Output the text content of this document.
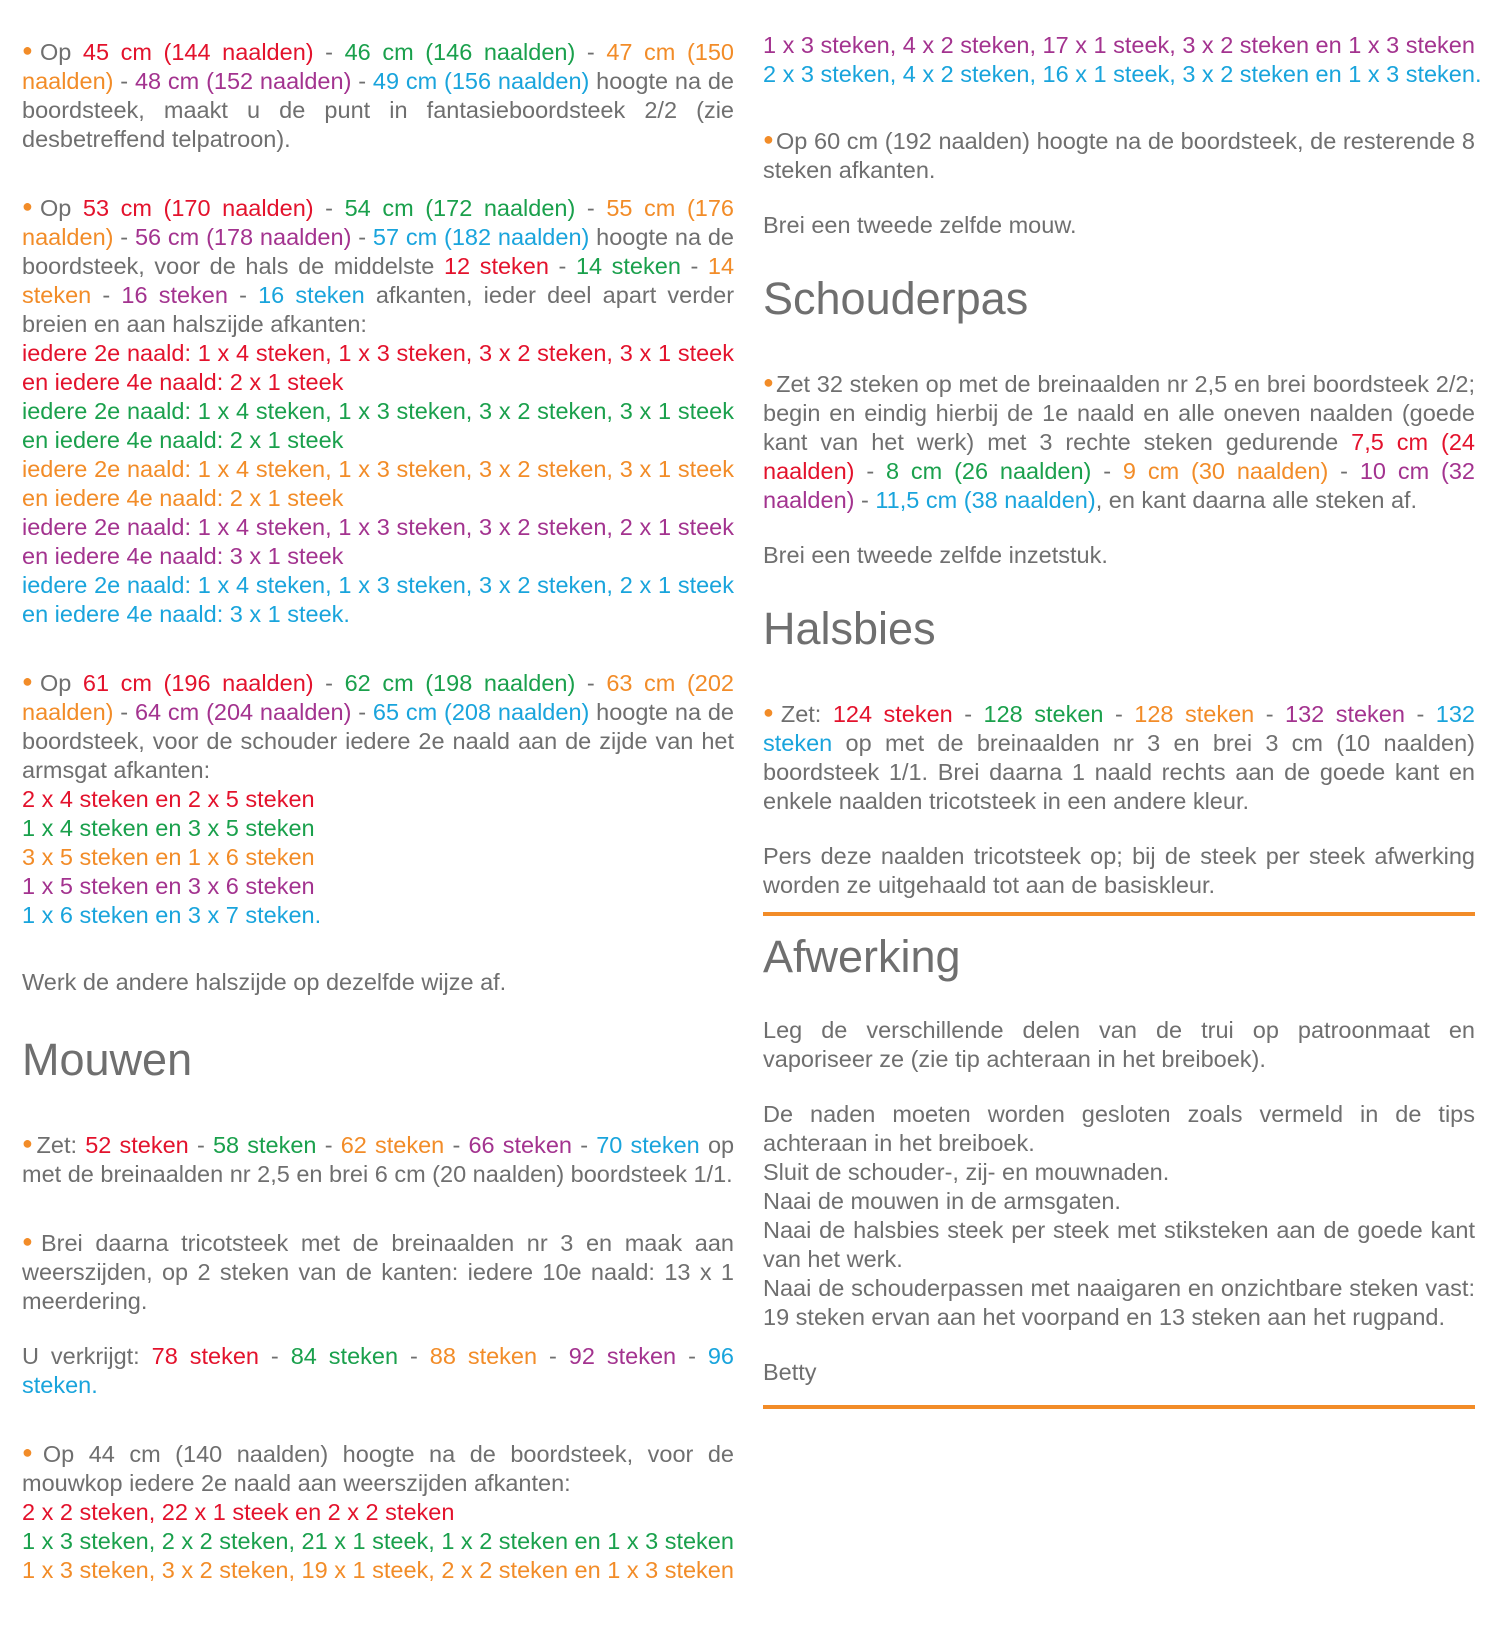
●Op 45 cm (144 naalden) - 46 cm (146 naalden) - 47 cm (150 naalden) - 48 cm (152 naalden) - 49 cm (156 naalden) hoogte na de boordsteek, maakt u de punt in fantasieboordsteek 2/2 (zie desbetreffend telpatroon).

●Op 53 cm (170 naalden) - 54 cm (172 naalden) - 55 cm (176 naalden) - 56 cm (178 naalden) - 57 cm (182 naalden) hoogte na de boordsteek, voor de hals de middelste 12 steken - 14 steken - 14 steken - 16 steken - 16 steken afkanten, ieder deel apart verder breien en aan halszijde afkanten:
iedere 2e naald: 1 x 4 steken, 1 x 3 steken, 3 x 2 steken, 3 x 1 steek en iedere 4e naald: 2 x 1 steek
iedere 2e naald: 1 x 4 steken, 1 x 3 steken, 3 x 2 steken, 3 x 1 steek en iedere 4e naald: 2 x 1 steek
iedere 2e naald: 1 x 4 steken, 1 x 3 steken, 3 x 2 steken, 3 x 1 steek en iedere 4e naald: 2 x 1 steek
iedere 2e naald: 1 x 4 steken, 1 x 3 steken, 3 x 2 steken, 2 x 1 steek en iedere 4e naald: 3 x 1 steek
iedere 2e naald: 1 x 4 steken, 1 x 3 steken, 3 x 2 steken, 2 x 1 steek en iedere 4e naald: 3 x 1 steek.

●Op 61 cm (196 naalden) - 62 cm (198 naalden) - 63 cm (202 naalden) - 64 cm (204 naalden) - 65 cm (208 naalden) hoogte na de boordsteek, voor de schouder iedere 2e naald aan de zijde van het armsgat afkanten:
2 x 4 steken en 2 x 5 steken
1 x 4 steken en 3 x 5 steken
3 x 5 steken en 1 x 6 steken
1 x 5 steken en 3 x 6 steken
1 x 6 steken en 3 x 7 steken.

Werk de andere halszijde op dezelfde wijze af.

Mouwen

●Zet: 52 steken - 58 steken - 62 steken - 66 steken - 70 steken op met de breinaalden nr 2,5 en brei 6 cm (20 naalden) boordsteek 1/1.

●Brei daarna tricotsteek met de breinaalden nr 3 en maak aan weerszijden, op 2 steken van de kanten: iedere 10e naald: 13 x 1 meerdering.

U verkrijgt: 78 steken - 84 steken - 88 steken - 92 steken - 96 steken.

●Op 44 cm (140 naalden) hoogte na de boordsteek, voor de mouwkop iedere 2e naald aan weerszijden afkanten:
2 x 2 steken, 22 x 1 steek en 2 x 2 steken
1 x 3 steken, 2 x 2 steken, 21 x 1 steek, 1 x 2 steken en 1 x 3 steken
1 x 3 steken, 3 x 2 steken, 19 x 1 steek, 2 x 2 steken en 1 x 3 steken

1 x 3 steken, 4 x 2 steken, 17 x 1 steek, 3 x 2 steken en 1 x 3 steken
2 x 3 steken, 4 x 2 steken, 16 x 1 steek, 3 x 2 steken en 1 x 3 steken.

●Op 60 cm (192 naalden) hoogte na de boordsteek, de resterende 8 steken afkanten.

Brei een tweede zelfde mouw.

Schouderpas

●Zet 32 steken op met de breinaalden nr 2,5 en brei boordsteek 2/2; begin en eindig hierbij de 1e naald en alle oneven naalden (goede kant van het werk) met 3 rechte steken gedurende 7,5 cm (24 naalden) - 8 cm (26 naalden) - 9 cm (30 naalden) - 10 cm (32 naalden) - 11,5 cm (38 naalden), en kant daarna alle steken af.

Brei een tweede zelfde inzetstuk.

Halsbies

●Zet: 124 steken - 128 steken - 128 steken - 132 steken - 132 steken op met de breinaalden nr 3 en brei 3 cm (10 naalden) boordsteek 1/1. Brei daarna 1 naald rechts aan de goede kant en enkele naalden tricotsteek in een andere kleur.

Pers deze naalden tricotsteek op; bij de steek per steek afwerking worden ze uitgehaald tot aan de basiskleur.

Afwerking

Leg de verschillende delen van de trui op patroonmaat en vaporiseer ze (zie tip achteraan in het breiboek).

De naden moeten worden gesloten zoals vermeld in de tips achteraan in het breiboek.
Sluit de schouder-, zij- en mouwnaden.
Naai de mouwen in de armsgaten.
Naai de halsbies steek per steek met stiksteken aan de goede kant van het werk.
Naai de schouderpassen met naaigaren en onzichtbare steken vast: 19 steken ervan aan het voorpand en 13 steken aan het rugpand.

Betty
